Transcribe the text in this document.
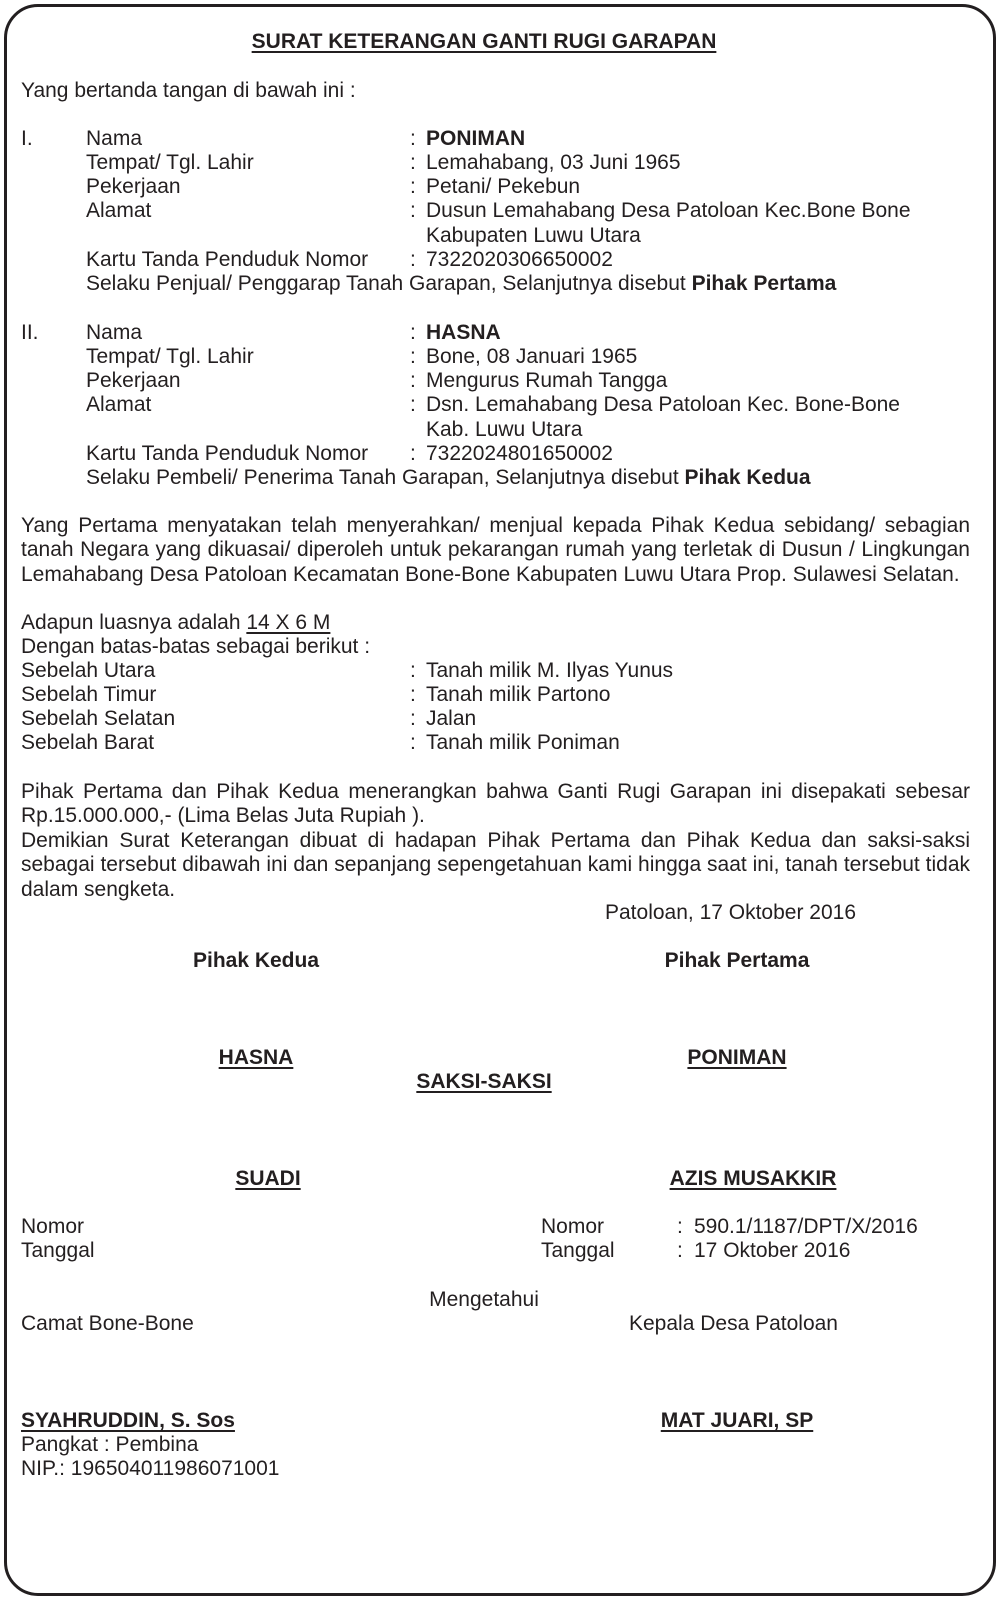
SURAT KETERANGAN GANTI RUGI GARAPAN
Yang bertanda tangan di bawah ini :
I.	Nama	: PONIMAN
Tempat/ Tgl. Lahir	: Lemahabang, 03 Juni 1965
Pekerjaan	: Petani/ Pekebun
Alamat	: Dusun Lemahabang Desa Patoloan Kec.Bone Bone
Kabupaten Luwu Utara
Kartu Tanda Penduduk Nomor : 7322020306650002
Selaku Penjual/ Penggarap Tanah Garapan, Selanjutnya disebut Pihak Pertama
II. Nama	: HASNA
Tempat/ Tgl. Lahir	: Bone, 08 Januari 1965
Pekerjaan	: Mengurus Rumah Tangga
Alamat	: Dsn. Lemahabang Desa Patoloan Kec. Bone-Bone
Kab. Luwu Utara
Kartu Tanda Penduduk Nomor : 7322024801650002
Selaku Pembeli/ Penerima Tanah Garapan, Selanjutnya disebut Pihak Kedua
Yang Pertama menyatakan telah menyerahkan/ menjual kepada Pihak Kedua sebidang/ sebagian tanah Negara yang dikuasai/ diperoleh untuk pekarangan rumah yang terletak di Dusun / Lingkungan Lemahabang Desa Patoloan Kecamatan Bone-Bone Kabupaten Luwu Utara Prop. Sulawesi Selatan.
Adapun luasnya adalah 14 X 6 M
Dengan batas-batas sebagai berikut :
Sebelah Utara	: Tanah milik M. Ilyas Yunus
Sebelah Timur	: Tanah milik Partono
Sebelah Selatan	: Jalan
Sebelah Barat	: Tanah milik Poniman
Pihak Pertama dan Pihak Kedua menerangkan bahwa Ganti Rugi Garapan ini disepakati sebesar Rp.15.000.000,- (Lima Belas Juta Rupiah ).
Demikian Surat Keterangan dibuat di hadapan Pihak Pertama dan Pihak Kedua dan saksi-saksi sebagai tersebut dibawah ini dan sepanjang sepengetahuan kami hingga saat ini, tanah tersebut tidak dalam sengketa.
Patoloan, 17 Oktober 2016
Pihak Kedua	Pihak Pertama
HASNA	PONIMAN
SAKSI-SAKSI
SUADI	AZIS MUSAKKIR
Nomor
Tanggal
Nomor	: 590.1/1187/DPT/X/2016
Tanggal	: 17 Oktober 2016
Mengetahui
Camat Bone-Bone	Kepala Desa Patoloan
SYAHRUDDIN, S. Sos
Pangkat : Pembina
NIP.: 196504011986071001
MAT JUARI, SP
